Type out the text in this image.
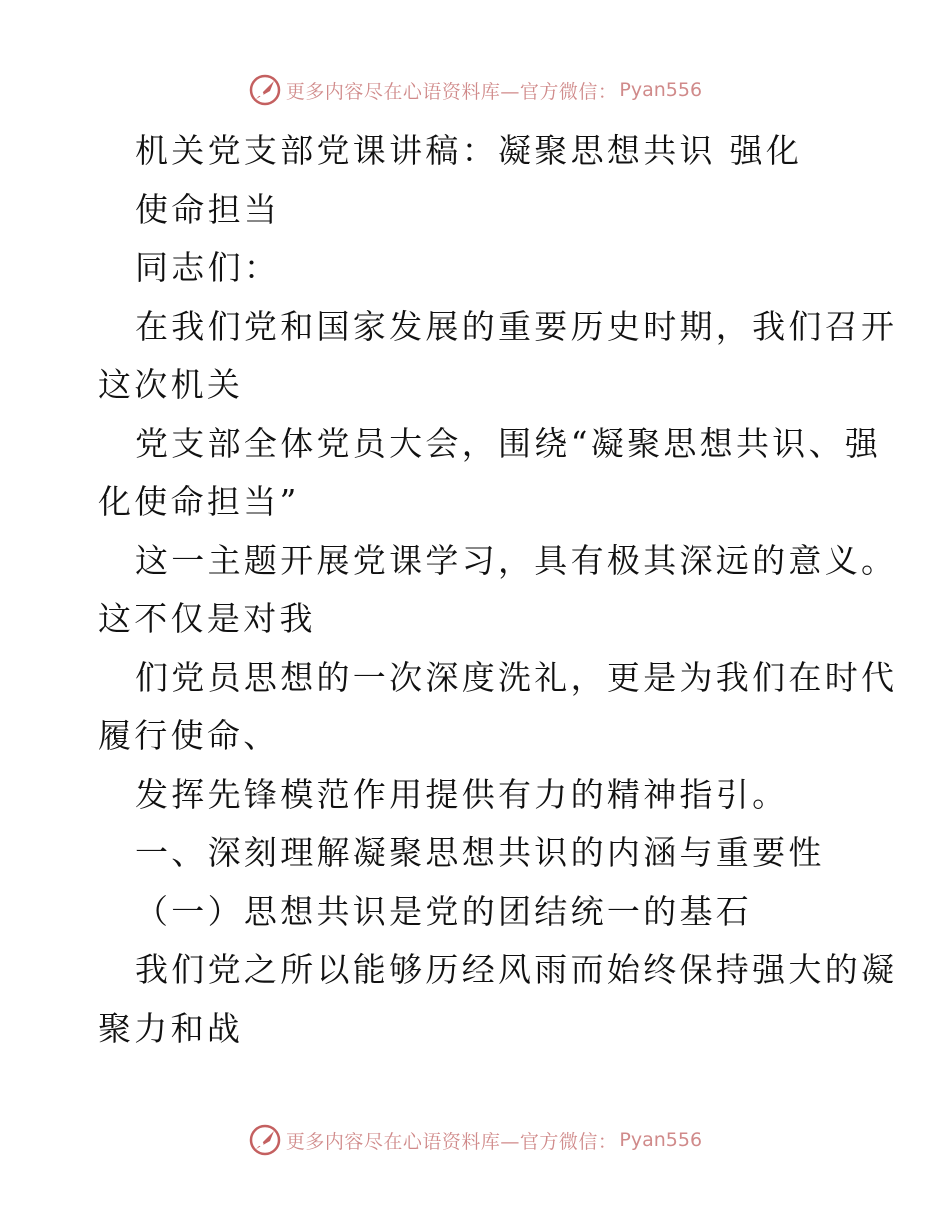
更多内容尽在心语资料库—官方微信： Pyan556
机关党支部党课讲稿：凝聚思想共识 强化
使命担当
同志们：
在我们党和国家发展的重要历史时期，我们召开
这次机关
党支部全体党员大会，围绕“凝聚思想共识、强
化使命担当”
这一主题开展党课学习，具有极其深远的意义。
这不仅是对我
们党员思想的一次深度洗礼，更是为我们在时代
履行使命、
发挥先锋模范作用提供有力的精神指引。
一、深刻理解凝聚思想共识的内涵与重要性
（一）思想共识是党的团结统一的基石
我们党之所以能够历经风雨而始终保持强大的凝
聚力和战
更多内容尽在心语资料库—官方微信： Pyan556
